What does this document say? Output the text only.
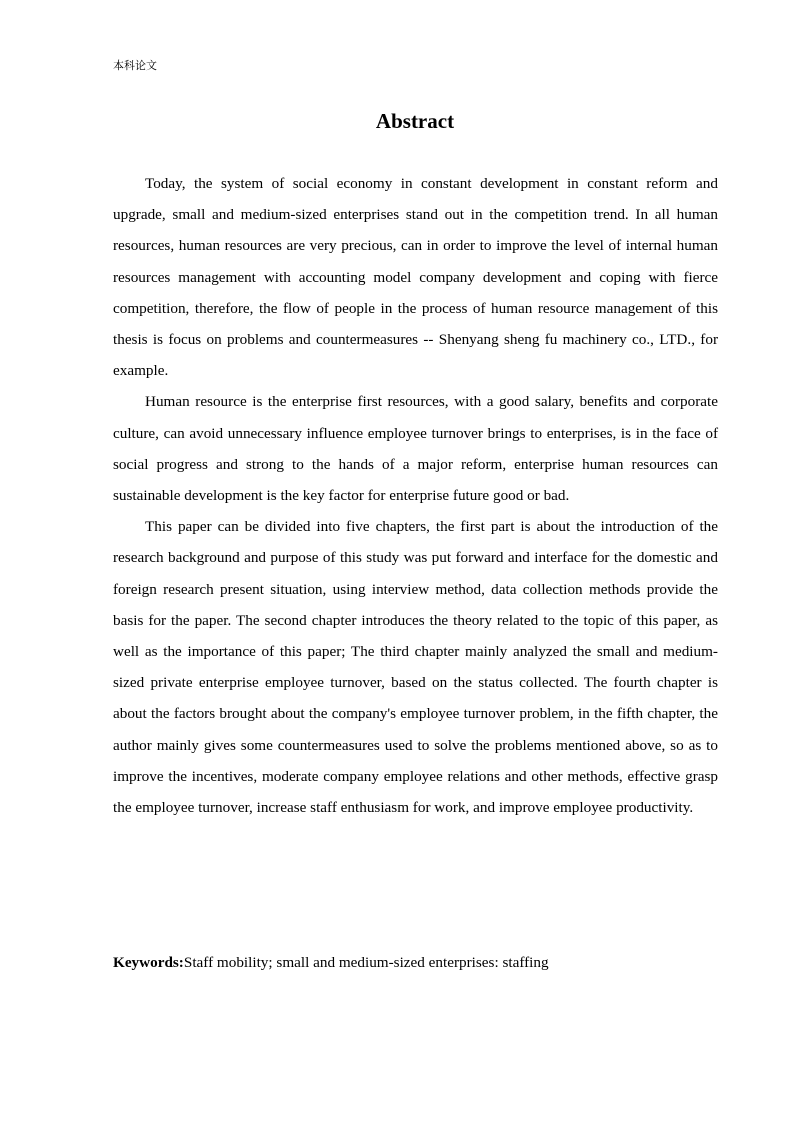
本科论文
Abstract

Today, the system of social economy in constant development in constant reform and upgrade, small and medium-sized enterprises stand out in the competition trend. In all human resources, human resources are very precious, can in order to improve the level of internal human resources management with accounting model company development and coping with fierce competition, therefore, the flow of people in the process of human resource management of this thesis is focus on problems and countermeasures -- Shenyang sheng fu machinery co., LTD., for example.

Human resource is the enterprise first resources, with a good salary, benefits and corporate culture, can avoid unnecessary influence employee turnover brings to enterprises, is in the face of social progress and strong to the hands of a major reform, enterprise human resources can sustainable development is the key factor for enterprise future good or bad.

This paper can be divided into five chapters, the first part is about the introduction of the research background and purpose of this study was put forward and interface for the domestic and foreign research present situation, using interview method, data collection methods provide the basis for the paper. The second chapter introduces the theory related to the topic of this paper, as well as the importance of this paper; The third chapter mainly analyzed the small and medium-sized private enterprise employee turnover, based on the status collected. The fourth chapter is about the factors brought about the company's employee turnover problem, in the fifth chapter, the author mainly gives some countermeasures used to solve the problems mentioned above, so as to improve the incentives, moderate company employee relations and other methods, effective grasp the employee turnover, increase staff enthusiasm for work, and improve employee productivity.

Keywords:Staff mobility; small and medium-sized enterprises: staffing
